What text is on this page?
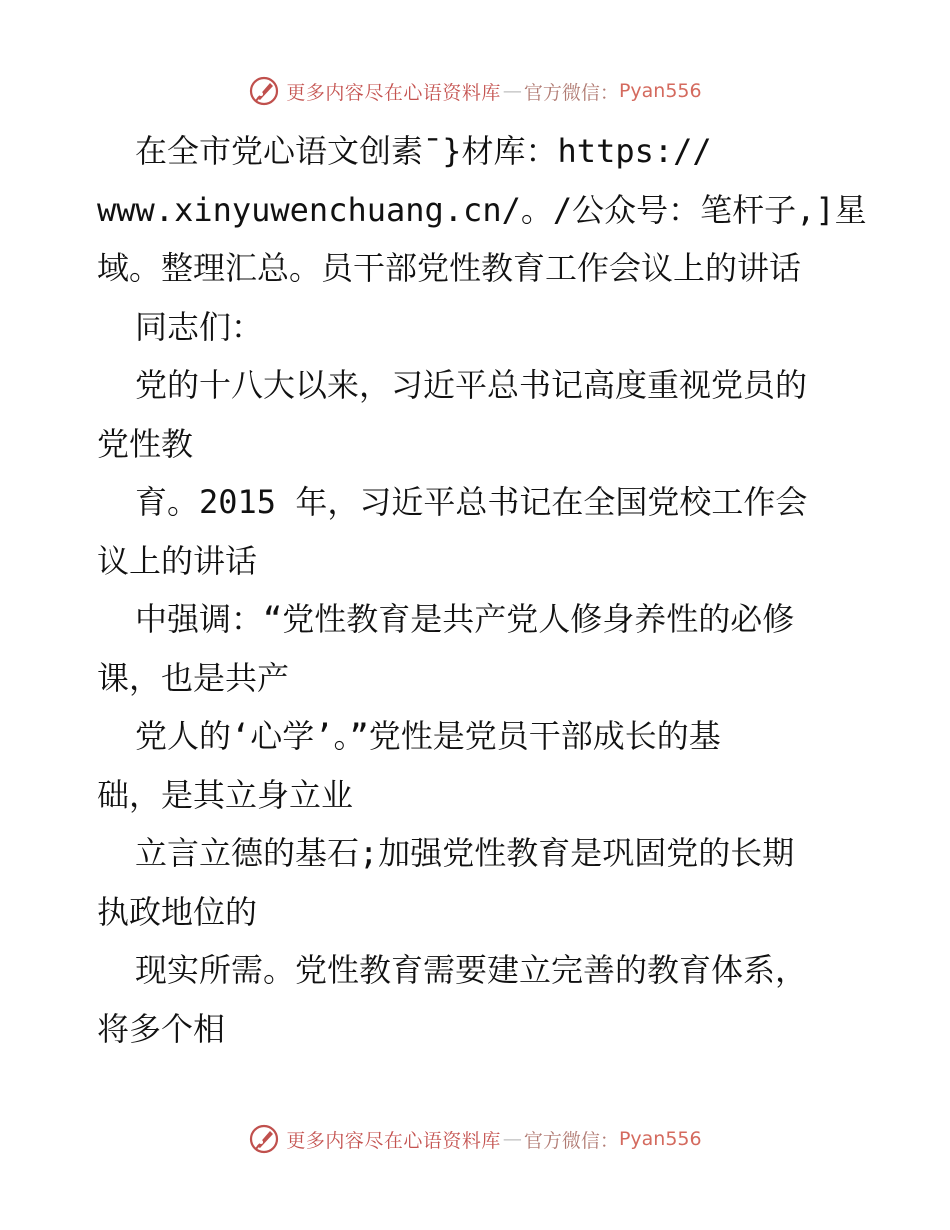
更多内容尽在心语资料库 — 官方微信： Pyan556
在全市党心语文创素¯}材库：https://
www.xinyuwenchuang.cn/。/公众号：笔杆子,]星
域。整理汇总。员干部党性教育工作会议上的讲话
同志们：
党的十八大以来，习近平总书记高度重视党员的
党性教
育。2015 年，习近平总书记在全国党校工作会
议上的讲话
中强调：“党性教育是共产党人修身养性的必修
课，也是共产
党人的‘心学’。”党性是党员干部成长的基
础，是其立身立业
立言立德的基石;加强党性教育是巩固党的长期
执政地位的
现实所需。党性教育需要建立完善的教育体系，
将多个相
更多内容尽在心语资料库 — 官方微信： Pyan556
